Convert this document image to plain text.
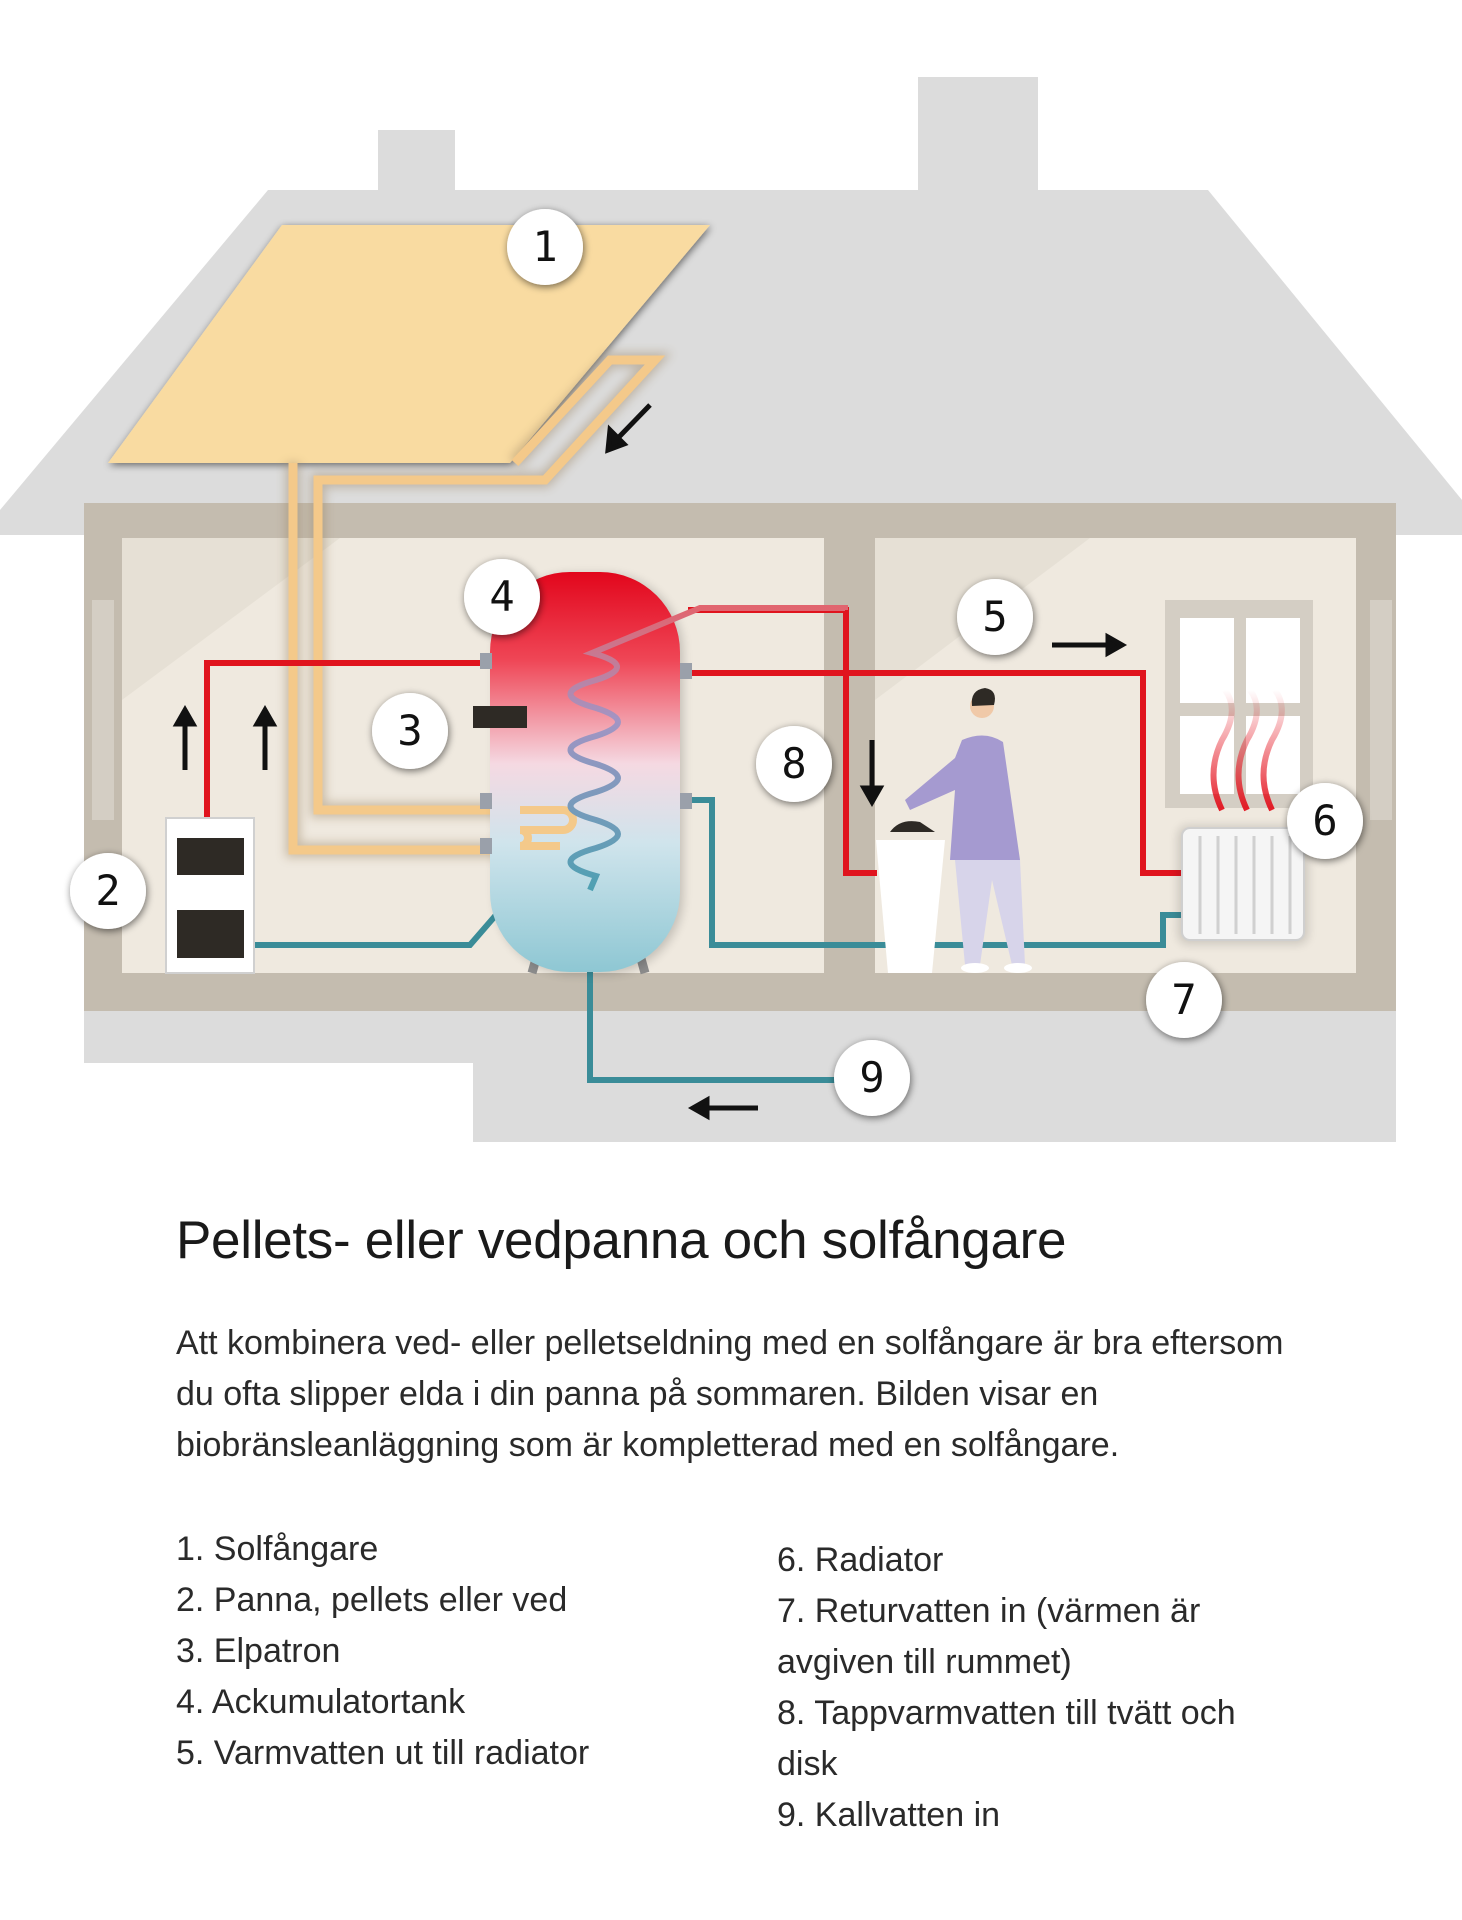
1
2
3
4	5
6
7
8
9
Pellets- eller vedpanna och solfångare

Att kombinera ved- eller pelletseldning med en solfångare är bra eftersom du ofta slipper elda i din panna på sommaren. Bilden visar en biobränsleanläggning som är kompletterad med en solfångare.

1. Solfångare
2. Panna, pellets eller ved
3. Elpatron
4. Ackumulatortank
5. Varmvatten ut till radiator
6. Radiator
7. Returvatten in (värmen är avgiven till rummet)
8. Tappvarmvatten till tvätt och disk
9. Kallvatten in
